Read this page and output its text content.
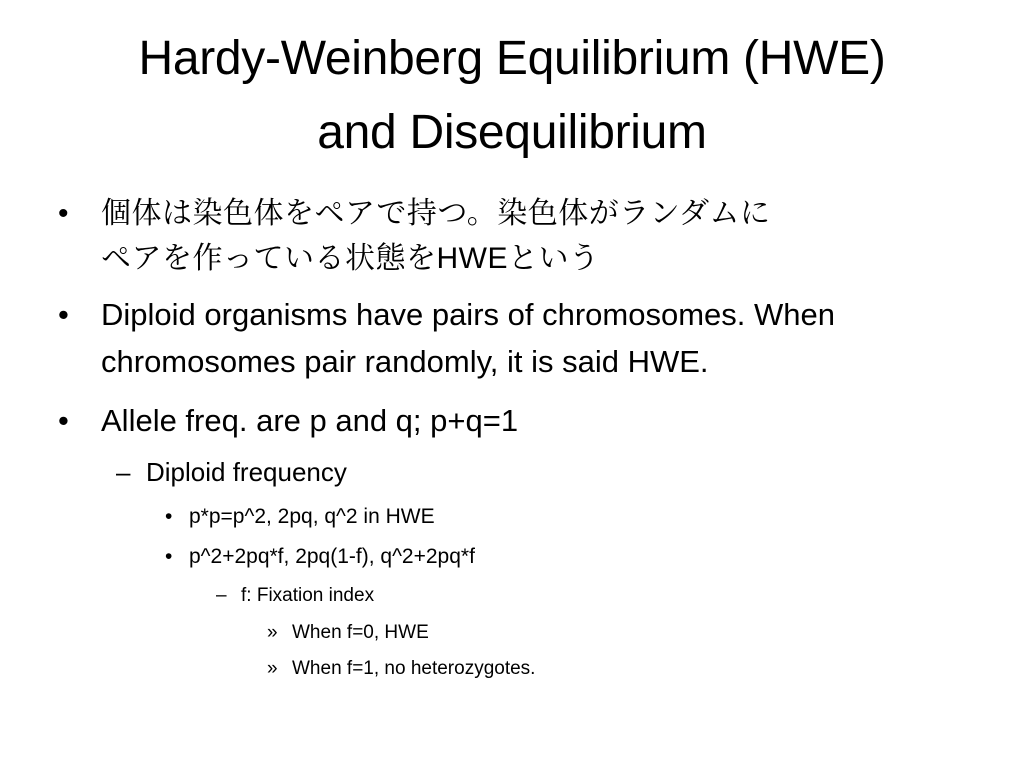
Hardy-Weinberg Equilibrium (HWE)
and Disequilibrium
• 個体は染色体をペアで持つ。染色体がランダムに
ペアを作っている状態をHWEという
• Diploid organisms have pairs of chromosomes. When
chromosomes pair randomly, it is said HWE.
• Allele freq. are p and q; p+q=1
– Diploid frequency
• p*p=p^2, 2pq, q^2 in HWE
• p^2+2pq*f, 2pq(1-f), q^2+2pq*f
– f: Fixation index
» When f=0, HWE
» When f=1, no heterozygotes.
